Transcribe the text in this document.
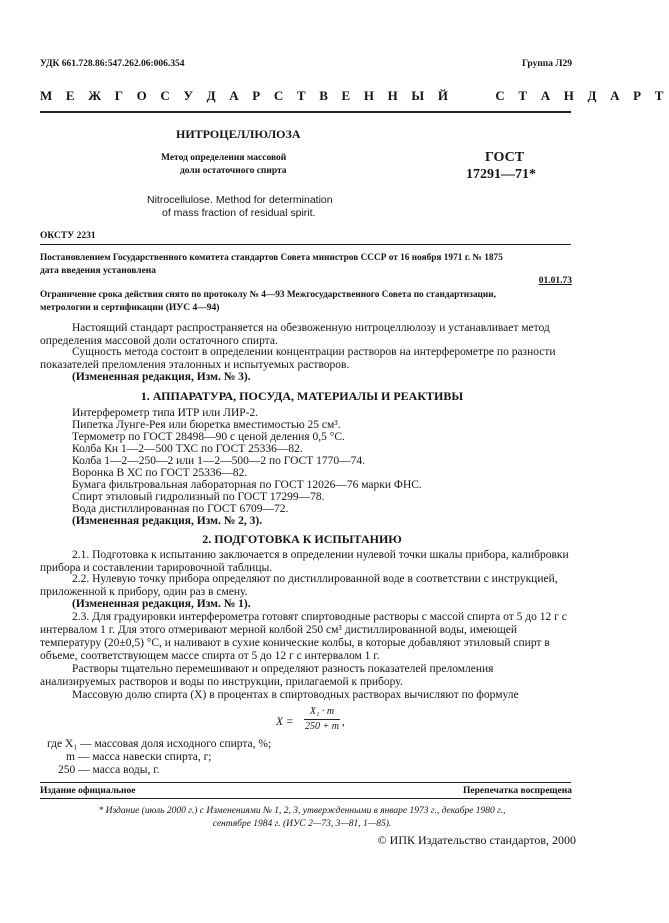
УДК 661.728.86:547.262.06:006.354	Группа Л29
М Е Ж Г О С У Д А Р С Т В Е Н Н Ы Й     С Т А Н Д А Р Т
НИТРОЦЕЛЛЮЛОЗА
Метод определения массовой
доли остаточного спирта
ГОСТ
17291—71*
Nitrocellulose. Method for determination
of mass fraction of residual spirit.
ОКСТУ 2231
Постановлением Государственного комитета стандартов Совета министров СССР от 16 ноября 1971 г. № 1875
дата введения установлена
01.01.73
Ограничение срока действия снято по протоколу № 4—93 Межгосударственного Совета по стандартизации,
метрологии и сертификации (ИУС 4—94)
Настоящий стандарт распространяется на обезвоженную нитроцеллюлозу и устанавливает метод определения массовой доли остаточного спирта.
Сущность метода состоит в определении концентрации растворов на интерферометре по разности показателей преломления эталонных и испытуемых растворов.
(Измененная редакция, Изм. № 3).
1. АППАРАТУРА, ПОСУДА, МАТЕРИАЛЫ И РЕАКТИВЫ
Интерферометр типа ИТР или ЛИР-2.
Пипетка Лунге-Рея или бюретка вместимостью 25 см³.
Термометр по ГОСТ 28498—90 с ценой деления 0,5 °С.
Колба Кн 1—2—500 ТХС по ГОСТ 25336—82.
Колба 1—2—250—2 или 1—2—500—2 по ГОСТ 1770—74.
Воронка В ХС по ГОСТ 25336—82.
Бумага фильтровальная лабораторная по ГОСТ 12026—76 марки ФНС.
Спирт этиловый гидролизный по ГОСТ 17299—78.
Вода дистиллированная по ГОСТ 6709—72.
(Измененная редакция, Изм. № 2, 3).
2. ПОДГОТОВКА К ИСПЫТАНИЮ
2.1. Подготовка к испытанию заключается в определении нулевой точки шкалы прибора, калибровки прибора и составлении тарировочной таблицы.
2.2. Нулевую точку прибора определяют по дистиллированной воде в соответствии с инструкцией, приложенной к прибору, один раз в смену.
(Измененная редакция, Изм. № 1).
2.3. Для градуировки интерферометра готовят спиртоводные растворы с массой спирта от 5 до 12 г с интервалом 1 г. Для этого отмеривают мерной колбой 250 см³ дистиллированной воды, имеющей температуру (20±0,5) °С, и наливают в сухие конические колбы, в которые добавляют этиловый спирт в объеме, соответствующем массе спирта от 5 до 12 г с интервалом 1 г.
Растворы тщательно перемешивают и определяют разность показателей преломления анализируемых растворов и воды по инструкции, прилагаемой к прибору.
Массовую долю спирта (X) в процентах в спиртоводных растворах вычисляют по формуле
X =
X₁ · m
250 + m ,
где X₁ — массовая доля исходного спирта, %;
m — масса навески спирта, г;
250 — масса воды, г.
Издание официальное	Перепечатка воспрещена
* Издание (июль 2000 г.) с Изменениями № 1, 2, 3, утвержденными в январе 1973 г., декабре 1980 г.,
сентябре 1984 г. (ИУС 2—73, 3—81, 1—85).
© ИПК Издательство стандартов, 2000
